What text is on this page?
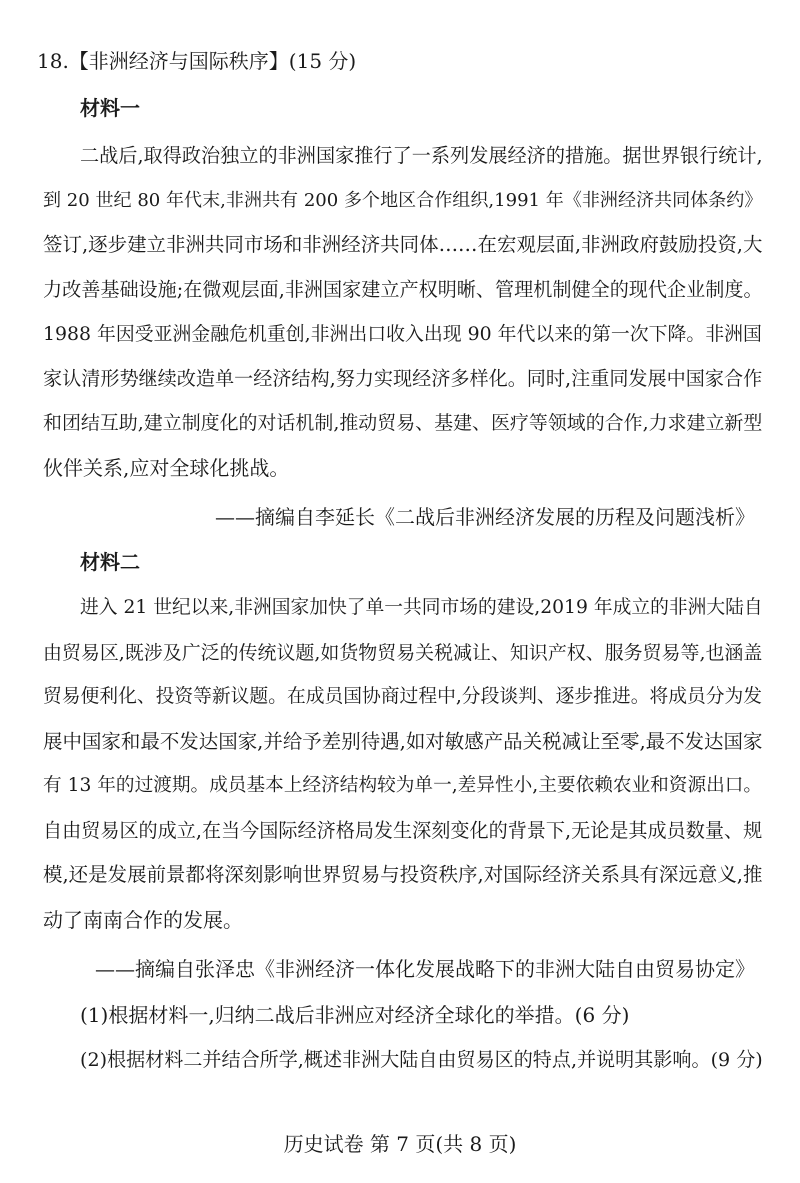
18.【非洲经济与国际秩序】(15 分)
材料一
二战后,取得政治独立的非洲国家推行了一系列发展经济的措施。据世界银行统计,
到 20 世纪 80 年代末,非洲共有 200 多个地区合作组织,1991 年《非洲经济共同体条约》
签订,逐步建立非洲共同市场和非洲经济共同体……在宏观层面,非洲政府鼓励投资,大
力改善基础设施;在微观层面,非洲国家建立产权明晰、管理机制健全的现代企业制度。
1988 年因受亚洲金融危机重创,非洲出口收入出现 90 年代以来的第一次下降。非洲国
家认清形势继续改造单一经济结构,努力实现经济多样化。同时,注重同发展中国家合作
和团结互助,建立制度化的对话机制,推动贸易、基建、医疗等领域的合作,力求建立新型
伙伴关系,应对全球化挑战。
——摘编自李延长《二战后非洲经济发展的历程及问题浅析》
材料二
进入 21 世纪以来,非洲国家加快了单一共同市场的建设,2019 年成立的非洲大陆自
由贸易区,既涉及广泛的传统议题,如货物贸易关税减让、知识产权、服务贸易等,也涵盖
贸易便利化、投资等新议题。在成员国协商过程中,分段谈判、逐步推进。将成员分为发
展中国家和最不发达国家,并给予差别待遇,如对敏感产品关税减让至零,最不发达国家
有 13 年的过渡期。成员基本上经济结构较为单一,差异性小,主要依赖农业和资源出口。
自由贸易区的成立,在当今国际经济格局发生深刻变化的背景下,无论是其成员数量、规
模,还是发展前景都将深刻影响世界贸易与投资秩序,对国际经济关系具有深远意义,推
动了南南合作的发展。
——摘编自张泽忠《非洲经济一体化发展战略下的非洲大陆自由贸易协定》
(1)根据材料一,归纳二战后非洲应对经济全球化的举措。(6 分)
(2)根据材料二并结合所学,概述非洲大陆自由贸易区的特点,并说明其影响。(9 分)
历史试卷 第 7 页(共 8 页)
